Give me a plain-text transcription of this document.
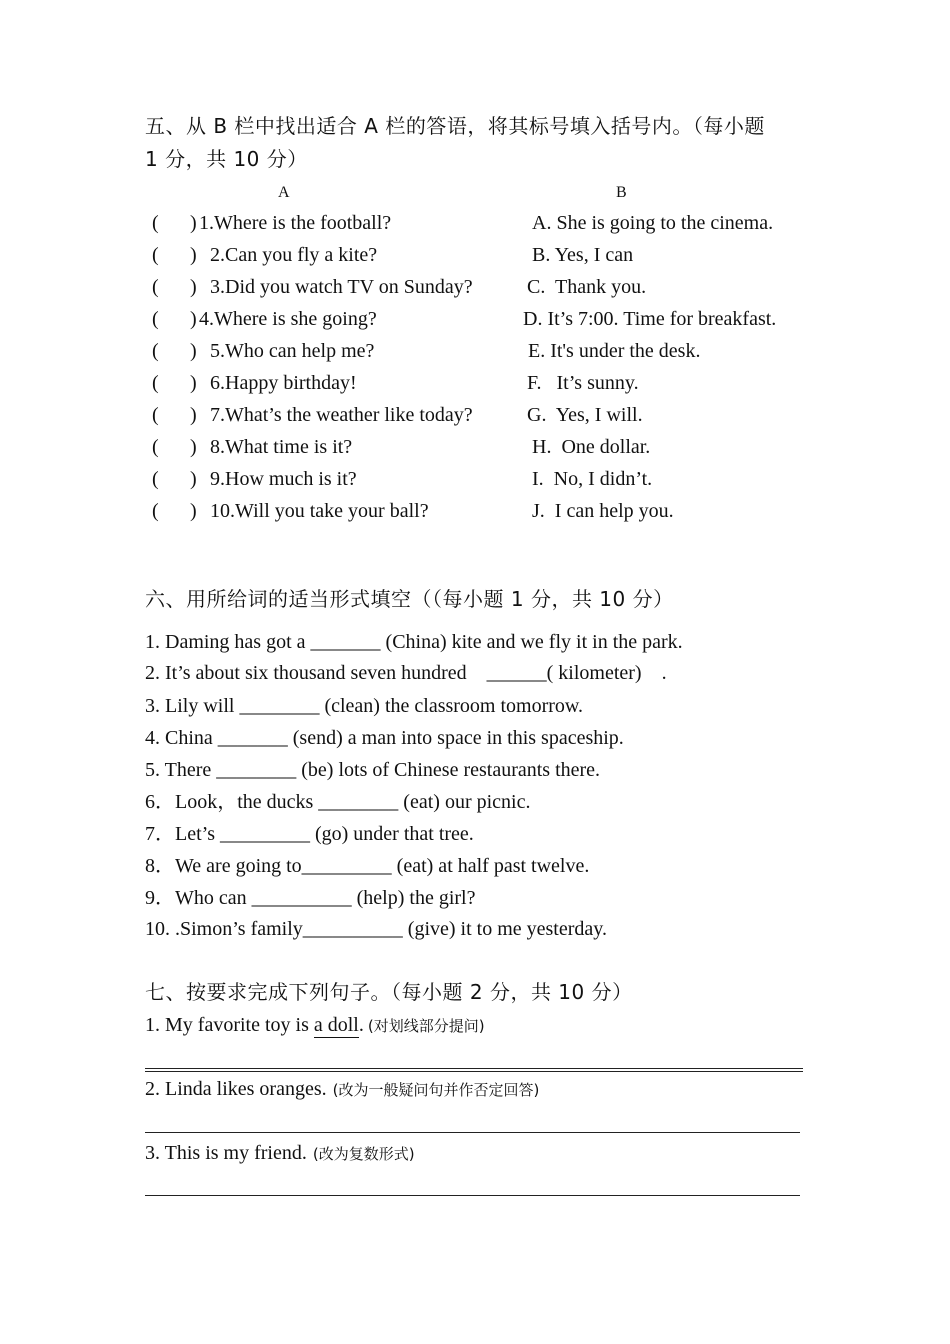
五、从 B 栏中找出适合 A 栏的答语，将其标号填入括号内。（每小题
1 分，共 10 分）
A	B
( ) 1.Where is the football?
( ) 2.Can you fly a kite?
( ) 3.Did you watch TV on Sunday?
( ) 4.Where is she going?
( ) 5.Who can help me?
( ) 6.Happy birthday!
( ) 7.What’s the weather like today?
( ) 8.What time is it?
( ) 9.How much is it?
( ) 10.Will you take your ball?
A. She is going to the cinema.
B. Yes, I can
C.  Thank you.
D. It’s 7:00. Time for breakfast.
E. It's under the desk.
F.   It’s sunny.
G.  Yes, I will.
H.  One dollar.
I.  No, I didn’t.
J.  I can help you.
六、用所给词的适当形式填空（（每小题 1 分，共 10 分）
1. Daming has got a _______ (China) kite and we fly it in the park.
2. It’s about six thousand seven hundred    ______( kilometer)    .
3. Lily will ________ (clean) the classroom tomorrow.
4. China _______ (send) a man into space in this spaceship.
5. There ________ (be) lots of Chinese restaurants there.
6．Look，the ducks ________ (eat) our picnic.
7．Let’s _________ (go) under that tree.
8．We are going to_________ (eat) at half past twelve.
9．Who can __________ (help) the girl?
10. .Simon’s family__________ (give) it to me yesterday.
七、按要求完成下列句子。（每小题 2 分，共 10 分）
1. My favorite toy is a doll. (对划线部分提问)
2. Linda likes oranges. (改为一般疑问句并作否定回答)
3. This is my friend. (改为复数形式)
